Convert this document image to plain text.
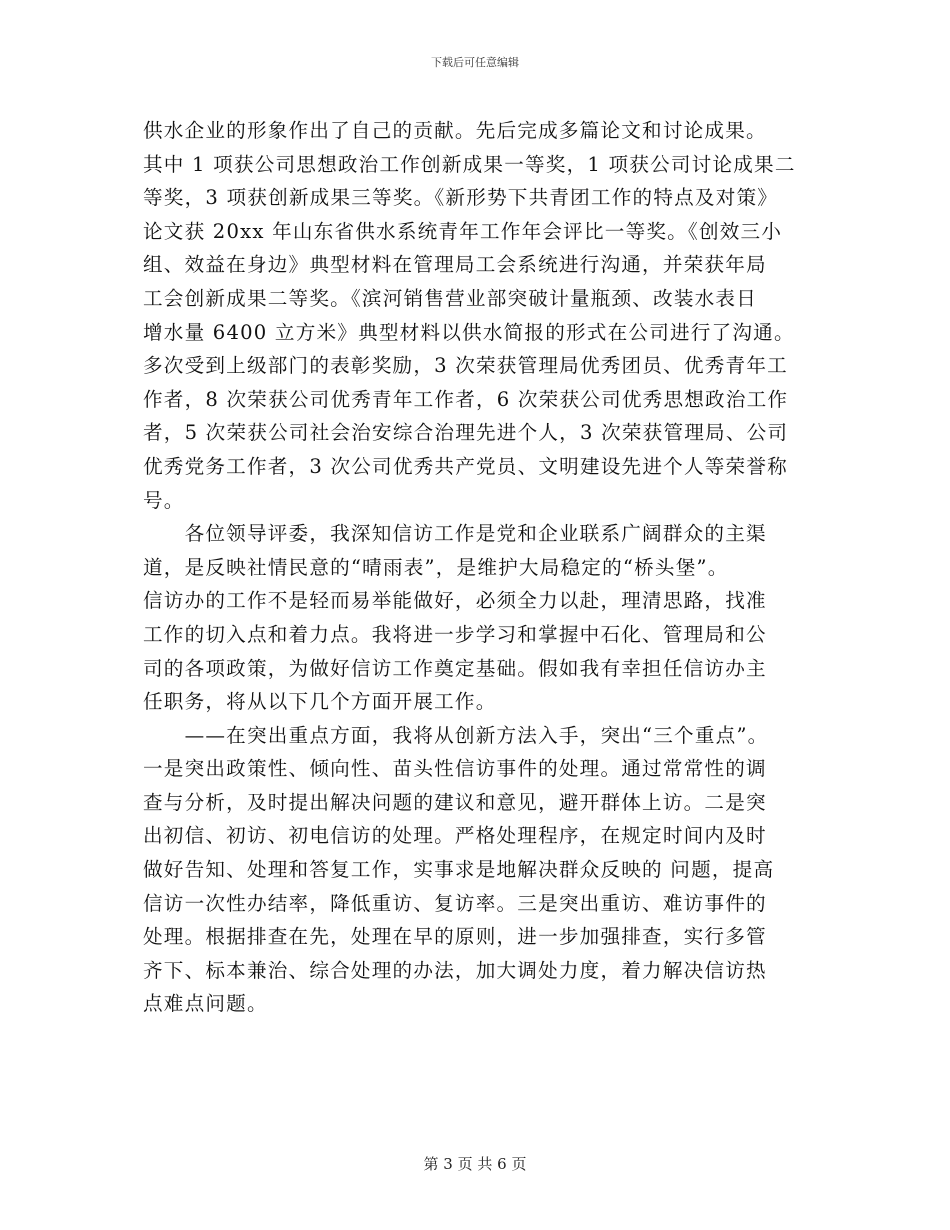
下载后可任意编辑
供水企业的形象作出了自己的贡献。先后完成多篇论文和讨论成果。
其中 1 项获公司思想政治工作创新成果一等奖，1 项获公司讨论成果二
等奖，3 项获创新成果三等奖。《新形势下共青团工作的特点及对策》
论文获 20xx 年山东省供水系统青年工作年会评比一等奖。《创效三小
组、效益在身边》典型材料在管理局工会系统进行沟通，并荣获年局
工会创新成果二等奖。《滨河销售营业部突破计量瓶颈、改装水表日
增水量 6400 立方米》典型材料以供水简报的形式在公司进行了沟通。
多次受到上级部门的表彰奖励，3 次荣获管理局优秀团员、优秀青年工
作者，8 次荣获公司优秀青年工作者，6 次荣获公司优秀思想政治工作
者，5 次荣获公司社会治安综合治理先进个人，3 次荣获管理局、公司
优秀党务工作者，3 次公司优秀共产党员、文明建设先进个人等荣誉称
号。
　　各位领导评委，我深知信访工作是党和企业联系广阔群众的主渠
道，是反映社情民意的“晴雨表”，是维护大局稳定的“桥头堡”。
信访办的工作不是轻而易举能做好，必须全力以赴，理清思路，找准
工作的切入点和着力点。我将进一步学习和掌握中石化、管理局和公
司的各项政策，为做好信访工作奠定基础。假如我有幸担任信访办主
任职务，将从以下几个方面开展工作。
　　——在突出重点方面，我将从创新方法入手，突出“三个重点”。
一是突出政策性、倾向性、苗头性信访事件的处理。通过常常性的调
查与分析，及时提出解决问题的建议和意见，避开群体上访。二是突
出初信、初访、初电信访的处理。严格处理程序，在规定时间内及时
做好告知、处理和答复工作，实事求是地解决群众反映的 问题，提高
信访一次性办结率，降低重访、复访率。三是突出重访、难访事件的
处理。根据排查在先，处理在早的原则，进一步加强排查，实行多管
齐下、标本兼治、综合处理的办法，加大调处力度，着力解决信访热
点难点问题。
第 3 页 共 6 页
